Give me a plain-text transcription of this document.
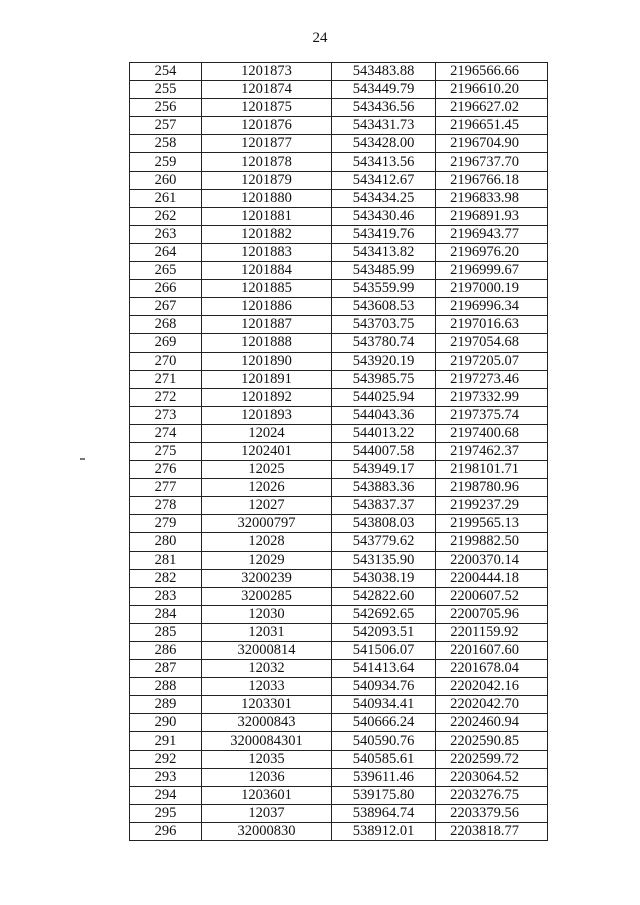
24
254	1201873	543483.88	2196566.66
255	1201874	543449.79	2196610.20
256	1201875	543436.56	2196627.02
257	1201876	543431.73	2196651.45
258	1201877	543428.00	2196704.90
259	1201878	543413.56	2196737.70
260	1201879	543412.67	2196766.18
261	1201880	543434.25	2196833.98
262	1201881	543430.46	2196891.93
263	1201882	543419.76	2196943.77
264	1201883	543413.82	2196976.20
265	1201884	543485.99	2196999.67
266	1201885	543559.99	2197000.19
267	1201886	543608.53	2196996.34
268	1201887	543703.75	2197016.63
269	1201888	543780.74	2197054.68
270	1201890	543920.19	2197205.07
271	1201891	543985.75	2197273.46
272	1201892	544025.94	2197332.99
273	1201893	544043.36	2197375.74
274	12024	544013.22	2197400.68
275	1202401	544007.58	2197462.37
276	12025	543949.17	2198101.71
277	12026	543883.36	2198780.96
278	12027	543837.37	2199237.29
279	32000797	543808.03	2199565.13
280	12028	543779.62	2199882.50
281	12029	543135.90	2200370.14
282	3200239	543038.19	2200444.18
283	3200285	542822.60	2200607.52
284	12030	542692.65	2200705.96
285	12031	542093.51	2201159.92
286	32000814	541506.07	2201607.60
287	12032	541413.64	2201678.04
288	12033	540934.76	2202042.16
289	1203301	540934.41	2202042.70
290	32000843	540666.24	2202460.94
291	3200084301	540590.76	2202590.85
292	12035	540585.61	2202599.72
293	12036	539611.46	2203064.52
294	1203601	539175.80	2203276.75
295	12037	538964.74	2203379.56
296	32000830	538912.01	2203818.77
